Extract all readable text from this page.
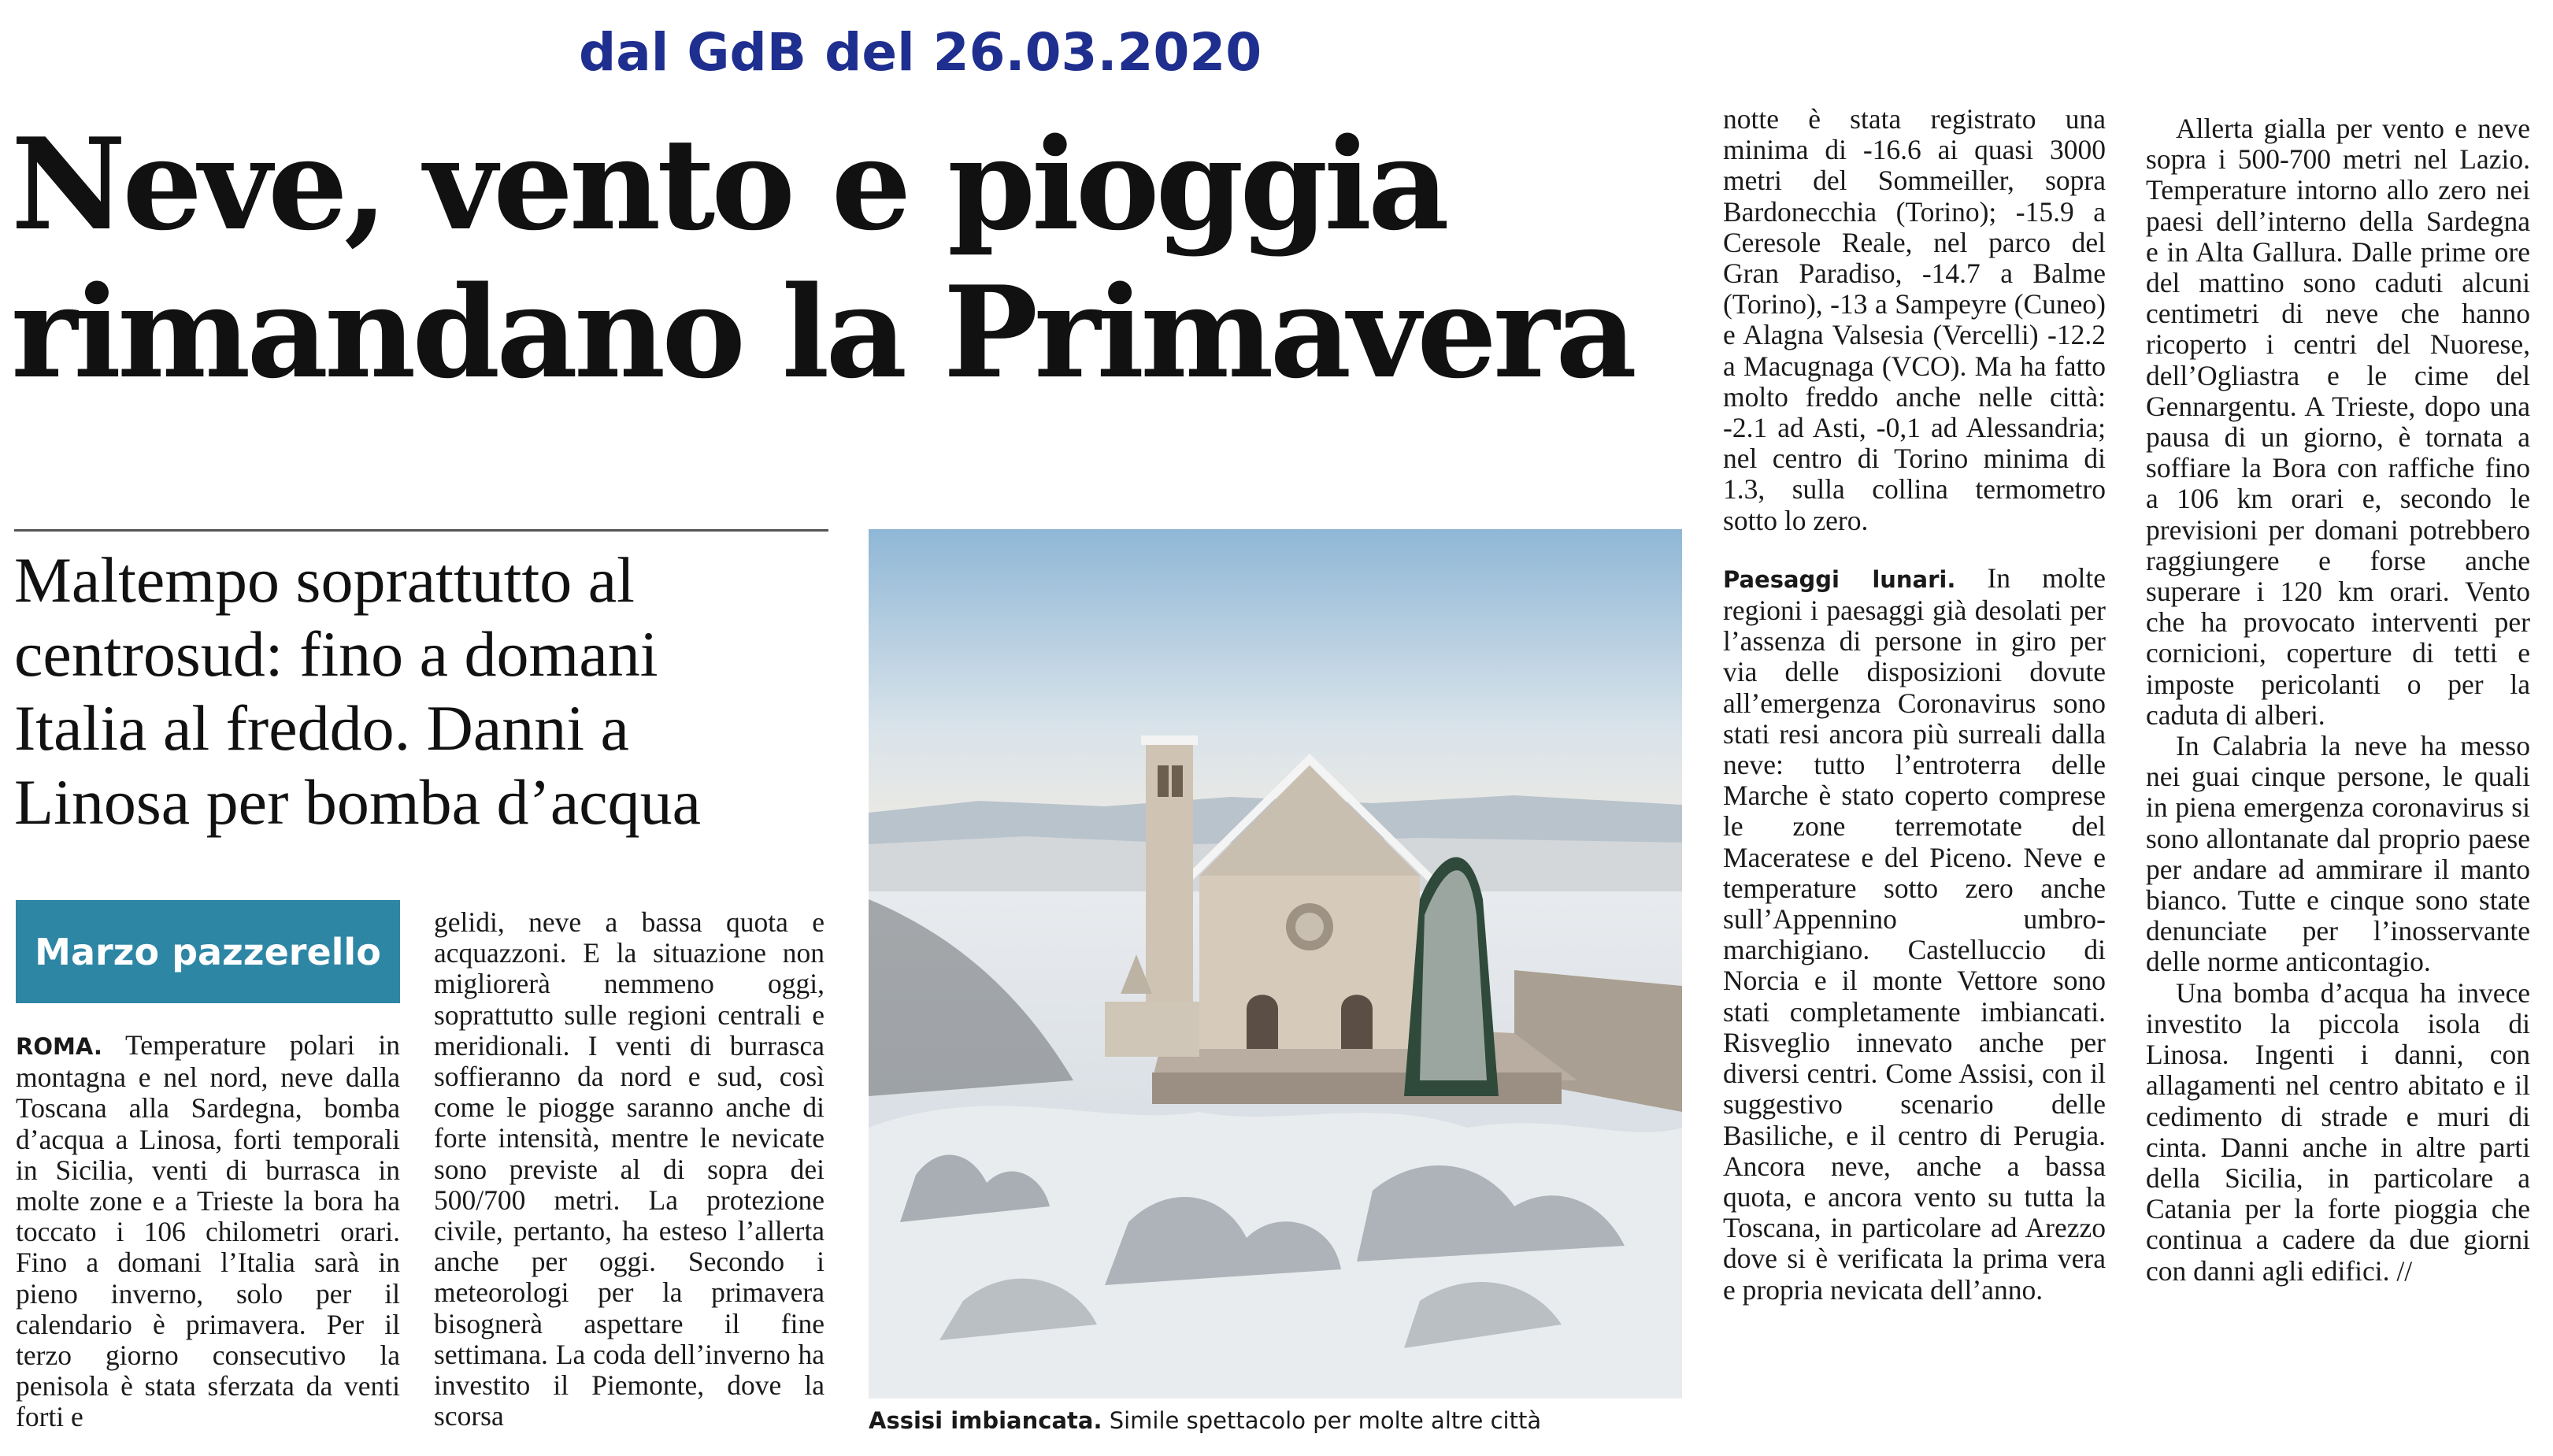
dal GdB del 26.03.2020
Neve, vento e pioggia
rimandano la Primavera
Maltempo soprattutto al
centrosud: fino a domani
Italia al freddo. Danni a
Linosa per bomba d’acqua
Marzo pazzerello

ROMA. Temperature polari in montagna e nel nord, neve dalla Toscana alla Sardegna, bomba d’acqua a Linosa, forti temporali in Sicilia, venti di burrasca in molte zone e a Trieste la bora ha toccato i 106 chilometri orari. Fino a domani l’Italia sarà in pieno inverno, solo per il calendario è primavera. Per il terzo giorno consecutivo la penisola è stata sferzata da venti forti e

gelidi, neve a bassa quota e acquazzoni. E la situazione non migliorerà nemmeno oggi, soprattutto sulle regioni centrali e meridionali. I venti di burrasca soffieranno da nord e sud, così come le piogge saranno anche di forte intensità, mentre le nevicate sono previste al di sopra dei 500/700 metri. La protezione civile, pertanto, ha esteso l’allerta anche per oggi. Secondo i meteorologi per la primavera bisognerà aspettare il fine settimana. La coda dell’inverno ha investito il Piemonte, dove la scorsa	Assisi imbiancata. Simile spettacolo per molte altre città

notte è stata registrato una minima di -16.6 ai quasi 3000 metri del Sommeiller, sopra Bardonecchia (Torino); -15.9 a Ceresole Reale, nel parco del Gran Paradiso, -14.7 a Balme (Torino), -13 a Sampeyre (Cuneo) e Alagna Valsesia (Vercelli) -12.2 a Macugnaga (VCO). Ma ha fatto molto freddo anche nelle città: -2.1 ad Asti, -0,1 ad Alessandria; nel centro di Torino minima di 1.3, sulla collina termometro sotto lo zero.

Paesaggi lunari. In molte regioni i paesaggi già desolati per l’assenza di persone in giro per via delle disposizioni dovute all’emergenza Coronavirus sono stati resi ancora più surreali dalla neve: tutto l’entroterra delle Marche è stato coperto comprese le zone terremotate del Maceratese e del Piceno. Neve e temperature sotto zero anche sull’Appennino umbro-marchigiano. Castelluccio di Norcia e il monte Vettore sono stati completamente imbiancati. Risveglio innevato anche per diversi centri. Come Assisi, con il suggestivo scenario delle Basiliche, e il centro di Perugia. Ancora neve, anche a bassa quota, e ancora vento su tutta la Toscana, in particolare ad Arezzo dove si è verificata la prima vera e propria nevicata dell’anno.

Allerta gialla per vento e neve sopra i 500-700 metri nel Lazio. Temperature intorno allo zero nei paesi dell’interno della Sardegna e in Alta Gallura. Dalle prime ore del mattino sono caduti alcuni centimetri di neve che hanno ricoperto i centri del Nuorese, dell’Ogliastra e le cime del Gennargentu. A Trieste, dopo una pausa di un giorno, è tornata a soffiare la Bora con raffiche fino a 106 km orari e, secondo le previsioni per domani potrebbero raggiungere e forse anche superare i 120 km orari. Vento che ha provocato interventi per cornicioni, coperture di tetti e imposte pericolanti o per la caduta di alberi.

In Calabria la neve ha messo nei guai cinque persone, le quali in piena emergenza coronavirus si sono allontanate dal proprio paese per andare ad ammirare il manto bianco. Tutte e cinque sono state denunciate per l’inosservante delle norme anticontagio.

Una bomba d’acqua ha invece investito la piccola isola di Linosa. Ingenti i danni, con allagamenti nel centro abitato e il cedimento di strade e muri di cinta. Danni anche in altre parti della Sicilia, in particolare a Catania per la forte pioggia che continua a cadere da due giorni con danni agli edifici. //
